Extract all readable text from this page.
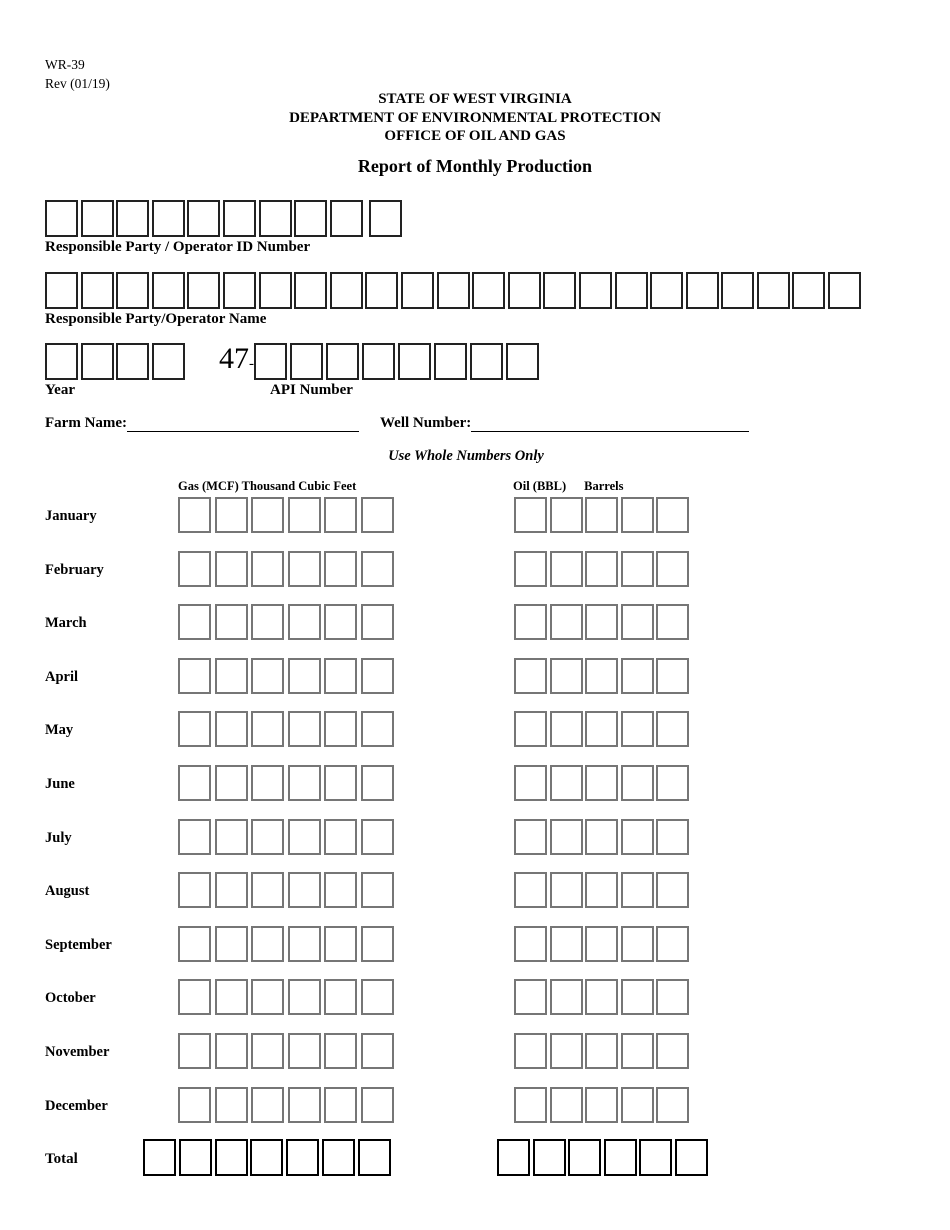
WR-39
Rev (01/19)
STATE OF WEST VIRGINIA
DEPARTMENT OF ENVIRONMENTAL PROTECTION
OFFICE OF OIL AND GAS
Report of Monthly Production
Responsible Party / Operator ID Number
Responsible Party/Operator Name
47 -
Year	API Number
Farm Name:	Well Number:
Use Whole Numbers Only
Gas (MCF) Thousand Cubic Feet	Oil (BBL) Barrels
January
February
March
April
May
June
July
August
September
October
November
December
Total
